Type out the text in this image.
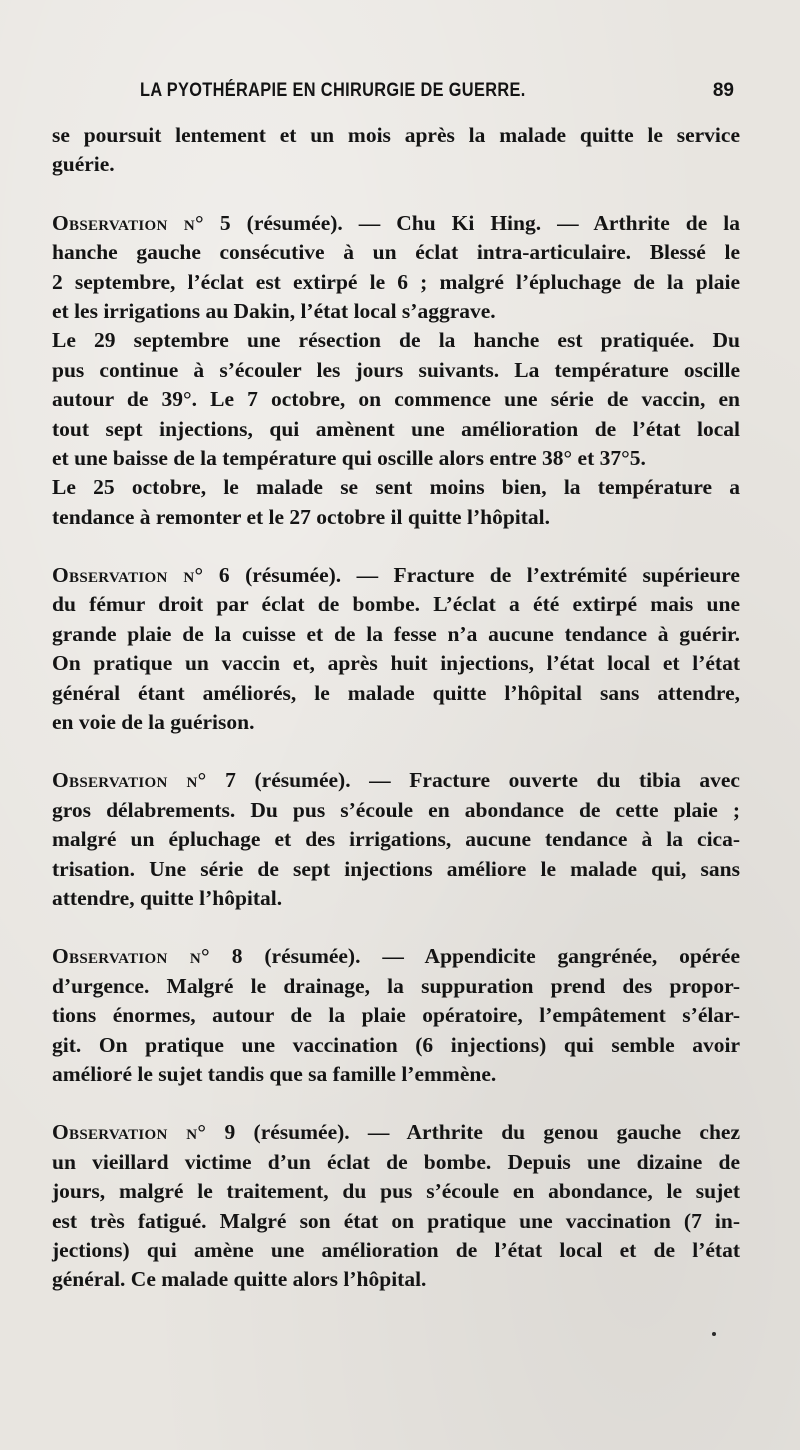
LA PYOTHÉRAPIE EN CHIRURGIE DE GUERRE.	89
se poursuit lentement et un mois après la malade quitte le service
guérie.
Observation n° 5 (résumée). — Chu Ki Hing. — Arthrite de la
hanche gauche consécutive à un éclat intra-articulaire. Blessé le
2 septembre, l’éclat est extirpé le 6 ; malgré l’épluchage de la plaie
et les irrigations au Dakin, l’état local s’aggrave.
Le 29 septembre une résection de la hanche est pratiquée. Du
pus continue à s’écouler les jours suivants. La température oscille
autour de 39°. Le 7 octobre, on commence une série de vaccin, en
tout sept injections, qui amènent une amélioration de l’état local
et une baisse de la température qui oscille alors entre 38° et 37°5.
Le 25 octobre, le malade se sent moins bien, la température a
tendance à remonter et le 27 octobre il quitte l’hôpital.
Observation n° 6 (résumée). — Fracture de l’extrémité supérieure
du fémur droit par éclat de bombe. L’éclat a été extirpé mais une
grande plaie de la cuisse et de la fesse n’a aucune tendance à guérir.
On pratique un vaccin et, après huit injections, l’état local et l’état
général étant améliorés, le malade quitte l’hôpital sans attendre,
en voie de la guérison.
Observation n° 7 (résumée). — Fracture ouverte du tibia avec
gros délabrements. Du pus s’écoule en abondance de cette plaie ;
malgré un épluchage et des irrigations, aucune tendance à la cica-
trisation. Une série de sept injections améliore le malade qui, sans
attendre, quitte l’hôpital.
Observation n° 8 (résumée). — Appendicite gangrénée, opérée
d’urgence. Malgré le drainage, la suppuration prend des propor-
tions énormes, autour de la plaie opératoire, l’empâtement s’élar-
git. On pratique une vaccination (6 injections) qui semble avoir
amélioré le sujet tandis que sa famille l’emmène.
Observation n° 9 (résumée). — Arthrite du genou gauche chez
un vieillard victime d’un éclat de bombe. Depuis une dizaine de
jours, malgré le traitement, du pus s’écoule en abondance, le sujet
est très fatigué. Malgré son état on pratique une vaccination (7 in-
jections) qui amène une amélioration de l’état local et de l’état
général. Ce malade quitte alors l’hôpital.
